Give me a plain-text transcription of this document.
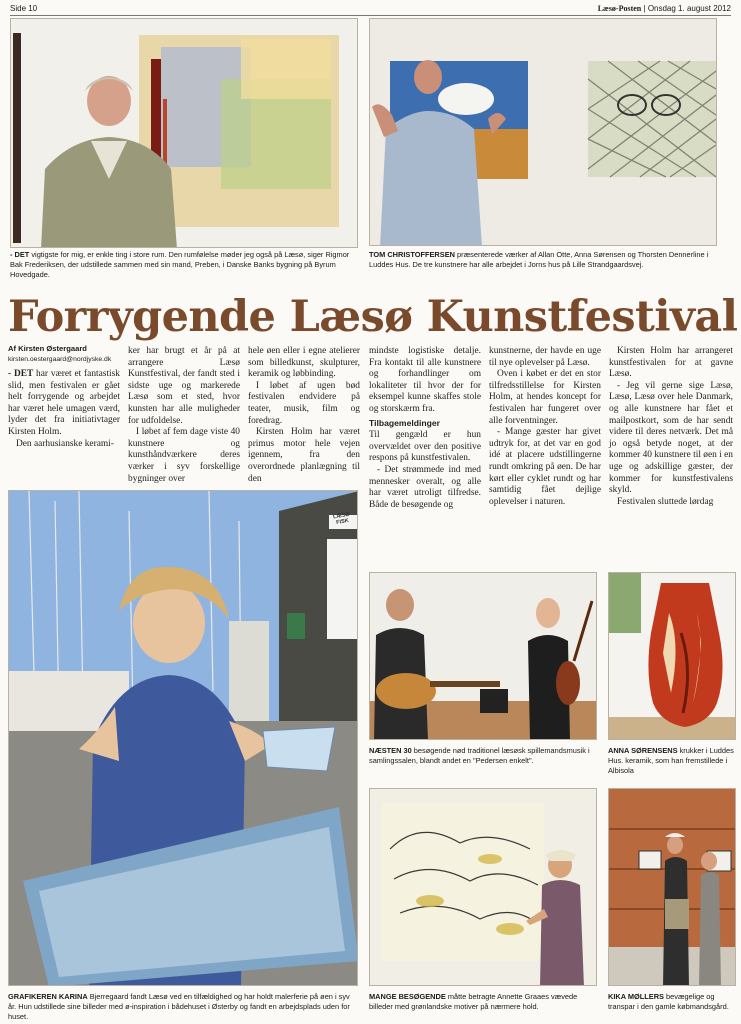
Side 10	Læsø-Posten | Onsdag 1. august 2012
- DET vigtigste for mig, er enkle ting i store rum. Den rumfølelse møder jeg også på Læsø, siger Rigmor Bak Frederiksen, der udstillede sammen med sin mand, Preben, i Danske Banks bygning på Byrum Hovedgade.
TOM CHRISTOFFERSEN præsenterede værker af Allan Otte, Anna Sørensen og Thorsten Dennerline i Luddes Hus. De tre kunstnere har alle arbejdet i Jorns hus på Lille Strandgaardsvej.
Forrygende Læsø Kunstfestival
Af Kirsten Østergaard
kirsten.oestergaard@nordjyske.dk

- DET har været et fantastisk slid, men festivalen er gået helt forrygende og arbejdet har været hele umagen værd, lyder det fra initiativtager Kirsten Holm.

Den aarhusianske kerami-

ker har brugt et år på at arrangere Læsø Kunstfestival, der fandt sted i sidste uge og markerede Læsø som et sted, hvor kunsten har alle muligheder for udfoldelse.

I løbet af fem dage viste 40 kunstnere og kunsthåndværkere deres værker i syv forskellige bygninger over

hele øen eller i egne atelierer som billedkunst, skulpturer, keramik og løbbinding.

I løbet af ugen bød festivalen endvidere på teater, musik, film og foredrag.

Kirsten Holm har været primus motor hele vejen igennem, fra den overordnede planlægning til den

mindste logistiske detalje. Fra kontakt til alle kunstnere og forhandlinger om lokaliteter til hvor der for eksempel kunne skaffes stole og storskærm fra.

Tilbagemeldinger

Til gengæld er hun overvældet over den positive respons på kunstfestivalen.

- Det strømmede ind med mennesker overalt, og alle har været utroligt tilfredse. Både de besøgende og

kunstnerne, der havde en uge til nye oplevelser på Læsø.

Oven i købet er det en stor tilfredsstillelse for Kirsten Holm, at hendes koncept for festivalen har fungeret over alle forventninger.

- Mange gæster har givet udtryk for, at det var en god idé at placere udstillingerne rundt omkring på øen. De har kørt eller cyklet rundt og har samtidig fået dejlige oplevelser i naturen.

Kirsten Holm har arrangeret kunstfestivalen for at gavne Læsø.

- Jeg vil gerne sige Læsø, Læsø, Læsø over hele Danmark, og alle kunstnere har fået et mailpostkort, som de har sendt videre til deres netværk. Det må jo også betyde noget, at der kommer 40 kunstnere til øen i en uge og adskillige gæster, der kommer for kunstfestivalens skyld.

Festivalen sluttede lørdag

LÆSØ FISK
GRAFIKEREN KARINA Bjerregaard fandt Læsø ved en tilfældighed og har holdt malerferie på øen i syv år. Hun udstillede sine billeder med ø-inspiration i bådehuset i Østerby og fandt en arbejdsplads uden for huset.
NÆSTEN 30 besøgende nød traditionel læsøsk spillemandsmusik i samlingssalen, blandt andet en "Pedersen enkelt".
ANNA SØRENSENS krukker i Luddes Hus. keramik, som han fremstillede i Albisola
MANGE BESØGENDE måtte betragte Annette Graaes vævede billeder med grønlandske motiver på nærmere hold.
KIKA MØLLERS bevægelige og transpar i den gamle købmandsgård.
